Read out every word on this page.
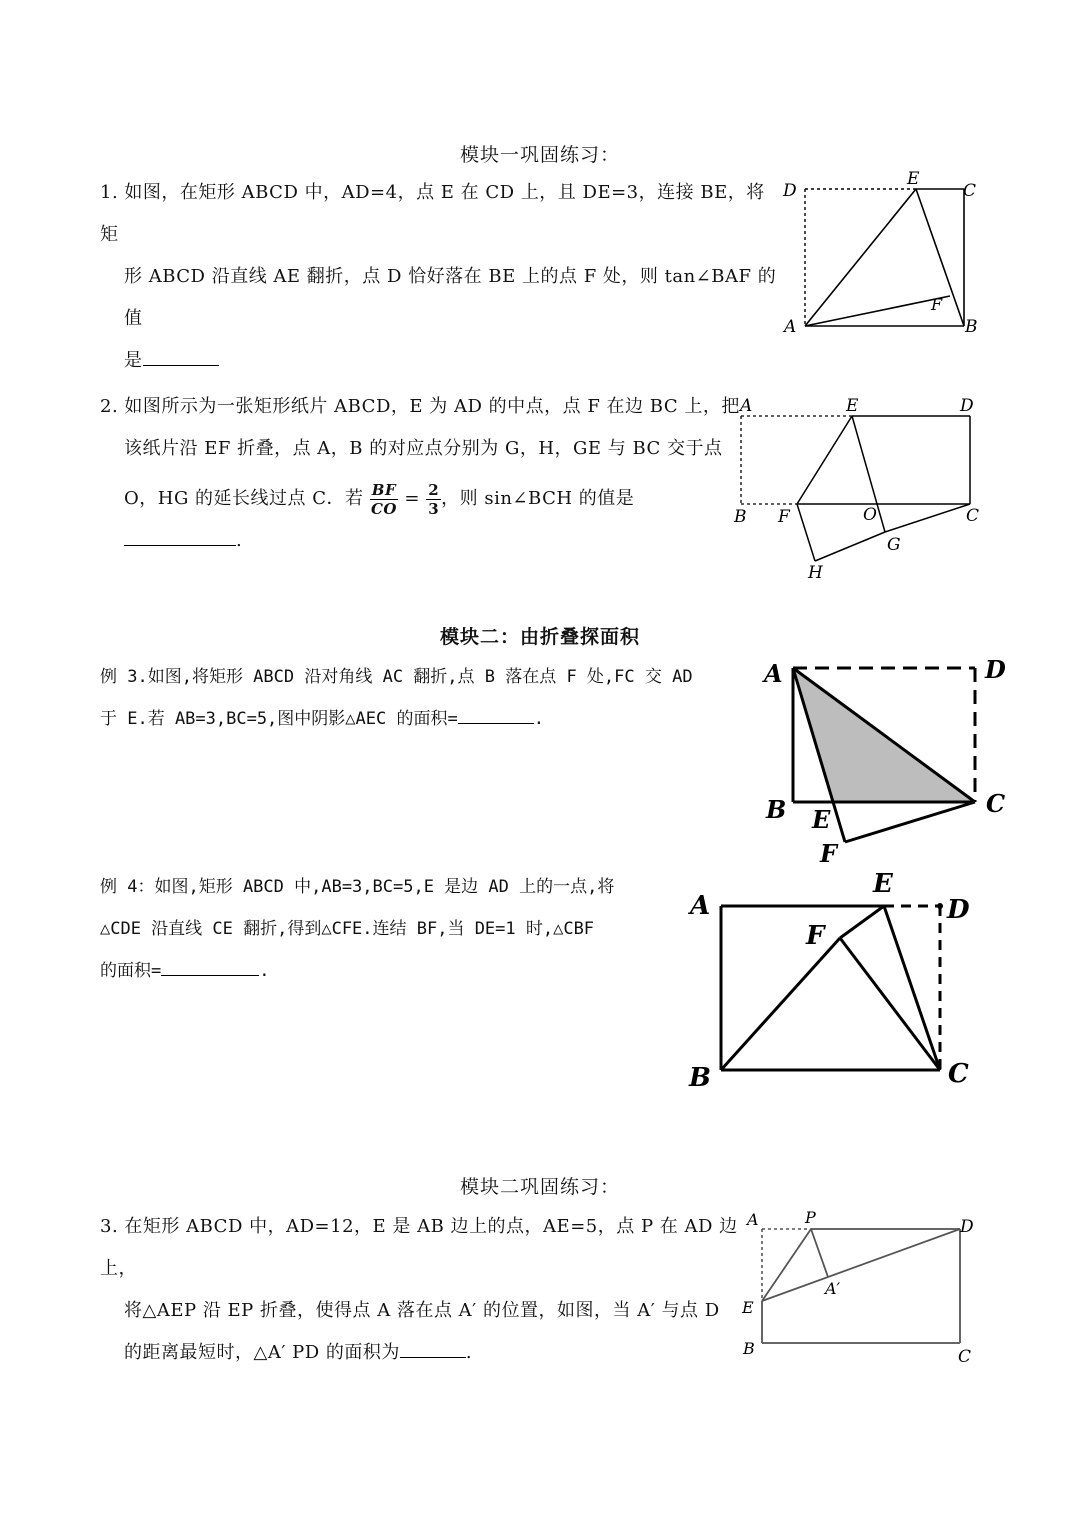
模块一巩固练习：
1. 如图，在矩形 ABCD 中，AD=4，点 E 在 CD 上，且 DE=3，连接 BE，将矩
形 ABCD 沿直线 AE 翻折，点 D 恰好落在 BE 上的点 F 处，则 tan∠BAF 的值
是
D
E
C
F
A	B
2. 如图所示为一张矩形纸片 ABCD，E 为 AD 的中点，点 F 在边 BC 上，把
该纸片沿 EF 折叠，点 A，B 的对应点分别为 G，H，GE 与 BC 交于点
O，HG 的延长线过点 C．若 $\frac{BF}{CO} = \frac{2}{3}$ ，则 sin∠BCH 的值是.
A	E	D
B F	O	C
G
H
模块二：由折叠探面积
例 3.如图,将矩形 ABCD 沿对角线 AC 翻折,点 B 落在点 F 处,FC 交 AD
于 E.若 AB=3,BC=5,图中阴影△AEC 的面积=	.
A	D
B	C
E
F
例 4：如图,矩形 ABCD 中,AB=3,BC=5,E 是边 AD 上的一点,将
△CDE 沿直线 CE 翻折,得到△CFE.连结 BF,当 DE=1 时,△CBF
的面积=	.
A
E
D
F
B	C
模块二巩固练习：
3. 在矩形 ABCD 中，AD=12，E 是 AB 边上的点，AE=5，点 P 在 AD 边上，
将△AEP 沿 EP 折叠，使得点 A 落在点 A′ 的位置，如图，当 A′ 与点 D
的距离最短时，△A′ PD 的面积为	.
A	P	D
A′
E
B	C
